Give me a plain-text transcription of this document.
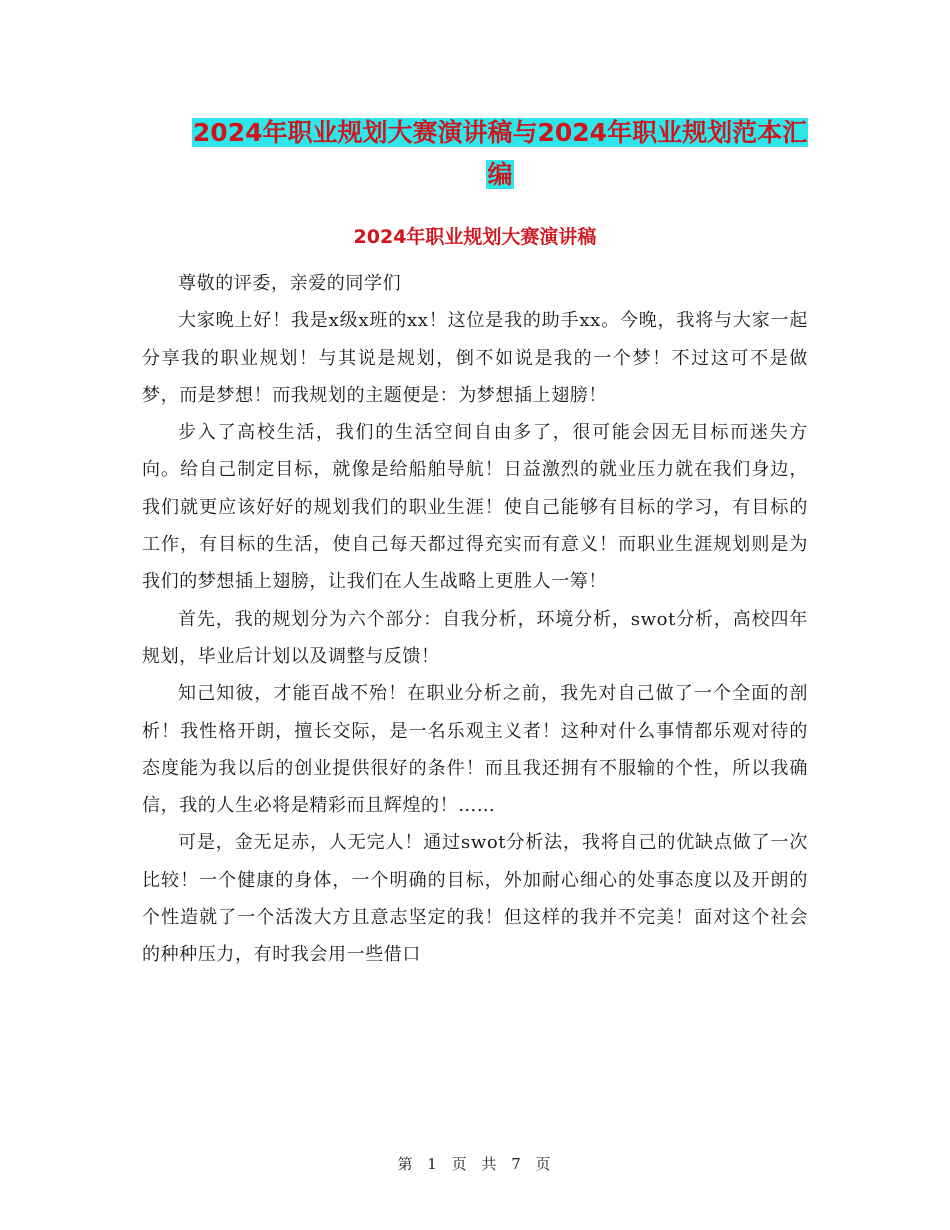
2024年职业规划大赛演讲稿与2024年职业规划范本汇
编
2024年职业规划大赛演讲稿

尊敬的评委，亲爱的同学们

大家晚上好！我是x级x班的xx！这位是我的助手xx。今晚，我将与大家一起分享我的职业规划！与其说是规划，倒不如说是我的一个梦！不过这可不是做梦，而是梦想！而我规划的主题便是：为梦想插上翅膀！

步入了高校生活，我们的生活空间自由多了，很可能会因无目标而迷失方向。给自己制定目标，就像是给船舶导航！日益激烈的就业压力就在我们身边，我们就更应该好好的规划我们的职业生涯！使自己能够有目标的学习，有目标的工作，有目标的生活，使自己每天都过得充实而有意义！而职业生涯规划则是为我们的梦想插上翅膀，让我们在人生战略上更胜人一筹！

首先，我的规划分为六个部分：自我分析，环境分析，swot分析，高校四年规划，毕业后计划以及调整与反馈！

知己知彼，才能百战不殆！在职业分析之前，我先对自己做了一个全面的剖析！我性格开朗，擅长交际，是一名乐观主义者！这种对什么事情都乐观对待的态度能为我以后的创业提供很好的条件！而且我还拥有不服输的个性，所以我确信，我的人生必将是精彩而且辉煌的！……

可是，金无足赤，人无完人！通过swot分析法，我将自己的优缺点做了一次比较！一个健康的身体，一个明确的目标，外加耐心细心的处事态度以及开朗的个性造就了一个活泼大方且意志坚定的我！但这样的我并不完美！面对这个社会的种种压力，有时我会用一些借口

第 1 页 共 7 页
